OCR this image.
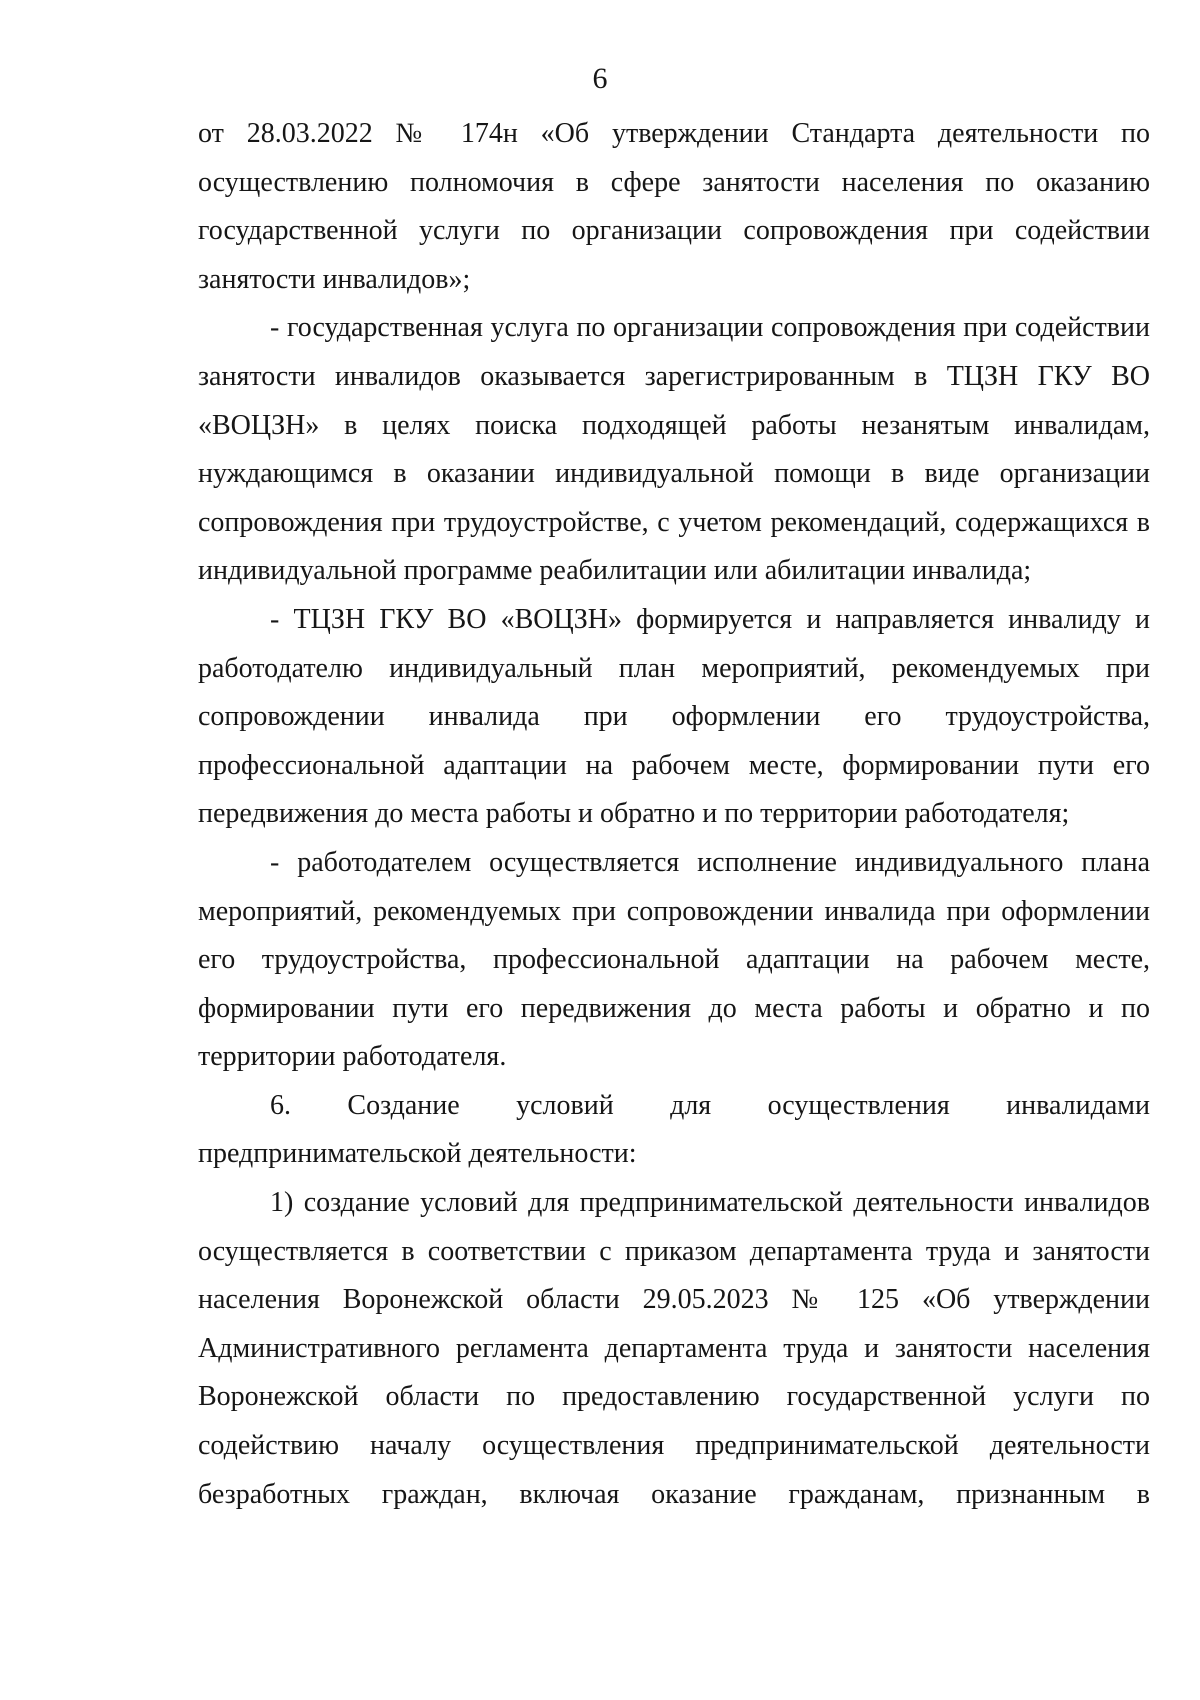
6

от 28.03.2022 № 174н «Об утверждении Стандарта деятельности по осуществлению полномочия в сфере занятости населения по оказанию государственной услуги по организации сопровождения при содействии занятости инвалидов»;

- государственная услуга по организации сопровождения при содействии занятости инвалидов оказывается зарегистрированным в ТЦЗН ГКУ ВО «ВОЦЗН» в целях поиска подходящей работы незанятым инвалидам, нуждающимся в оказании индивидуальной помощи в виде организации сопровождения при трудоустройстве, с учетом рекомендаций, содержащихся в индивидуальной программе реабилитации или абилитации инвалида;

- ТЦЗН ГКУ ВО «ВОЦЗН» формируется и направляется инвалиду и работодателю индивидуальный план мероприятий, рекомендуемых при сопровождении инвалида при оформлении его трудоустройства, профессиональной адаптации на рабочем месте, формировании пути его передвижения до места работы и обратно и по территории работодателя;

- работодателем осуществляется исполнение индивидуального плана мероприятий, рекомендуемых при сопровождении инвалида при оформлении его трудоустройства, профессиональной адаптации на рабочем месте, формировании пути его передвижения до места работы и обратно и по территории работодателя.

6. Создание условий для осуществления инвалидами предпринимательской деятельности:

1) создание условий для предпринимательской деятельности инвалидов осуществляется в соответствии с приказом департамента труда и занятости населения Воронежской области 29.05.2023 № 125 «Об утверждении Административного регламента департамента труда и занятости населения Воронежской области по предоставлению государственной услуги по содействию началу осуществления предпринимательской деятельности безработных граждан, включая оказание гражданам, признанным в
